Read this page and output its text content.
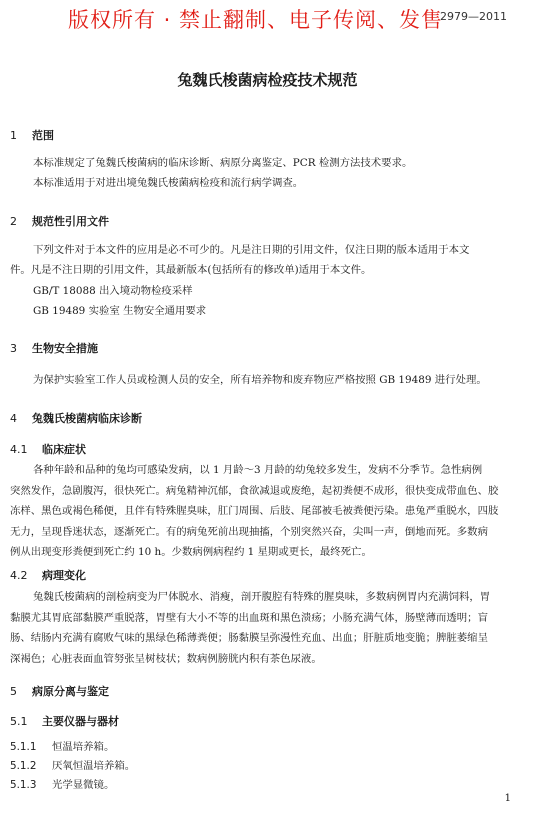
版权所有 · 禁止翻制、电子传阅、发售
2979—2011
兔魏氏梭菌病检疫技术规范
1 范围
本标准规定了兔魏氏梭菌病的临床诊断、病原分离鉴定、PCR 检测方法技术要求。
本标准适用于对进出境兔魏氏梭菌病检疫和流行病学调查。
2 规范性引用文件
下列文件对于本文件的应用是必不可少的。凡是注日期的引用文件，仅注日期的版本适用于本文
件。凡是不注日期的引用文件，其最新版本(包括所有的修改单)适用于本文件。
GB/T 18088 出入境动物检疫采样
GB 19489 实验室 生物安全通用要求
3 生物安全措施
为保护实验室工作人员或检测人员的安全，所有培养物和废弃物应严格按照 GB 19489 进行处理。
4 兔魏氏梭菌病临床诊断
4.1 临床症状
各种年龄和品种的兔均可感染发病，以 1 月龄～3 月龄的幼兔较多发生，发病不分季节。急性病例
突然发作，急剧腹泻，很快死亡。病兔精神沉郁，食欲减退或废绝，起初粪便不成形，很快变成带血色、胶
冻样、黑色或褐色稀便，且伴有特殊腥臭味，肛门周围、后肢、尾部被毛被粪便污染。患兔严重脱水，四肢
无力，呈现昏迷状态，逐渐死亡。有的病兔死前出现抽搐，个别突然兴奋，尖叫一声，倒地而死。多数病
例从出现变形粪便到死亡约 10 h。少数病例病程约 1 星期或更长，最终死亡。
4.2 病理变化
兔魏氏梭菌病的剖检病变为尸体脱水、消瘦，剖开腹腔有特殊的腥臭味，多数病例胃内充满饲料，胃
黏膜尤其胃底部黏膜严重脱落，胃壁有大小不等的出血斑和黑色溃疡；小肠充满气体，肠壁薄而透明；盲
肠、结肠内充满有腐败气味的黑绿色稀薄粪便；肠黏膜呈弥漫性充血、出血；肝脏质地变脆；脾脏萎缩呈
深褐色；心脏表面血管努张呈树枝状；数病例膀胱内积有茶色尿液。
5 病原分离与鉴定
5.1 主要仪器与器材
5.1.1 恒温培养箱。
5.1.2 厌氧恒温培养箱。
5.1.3 光学显微镜。
1
